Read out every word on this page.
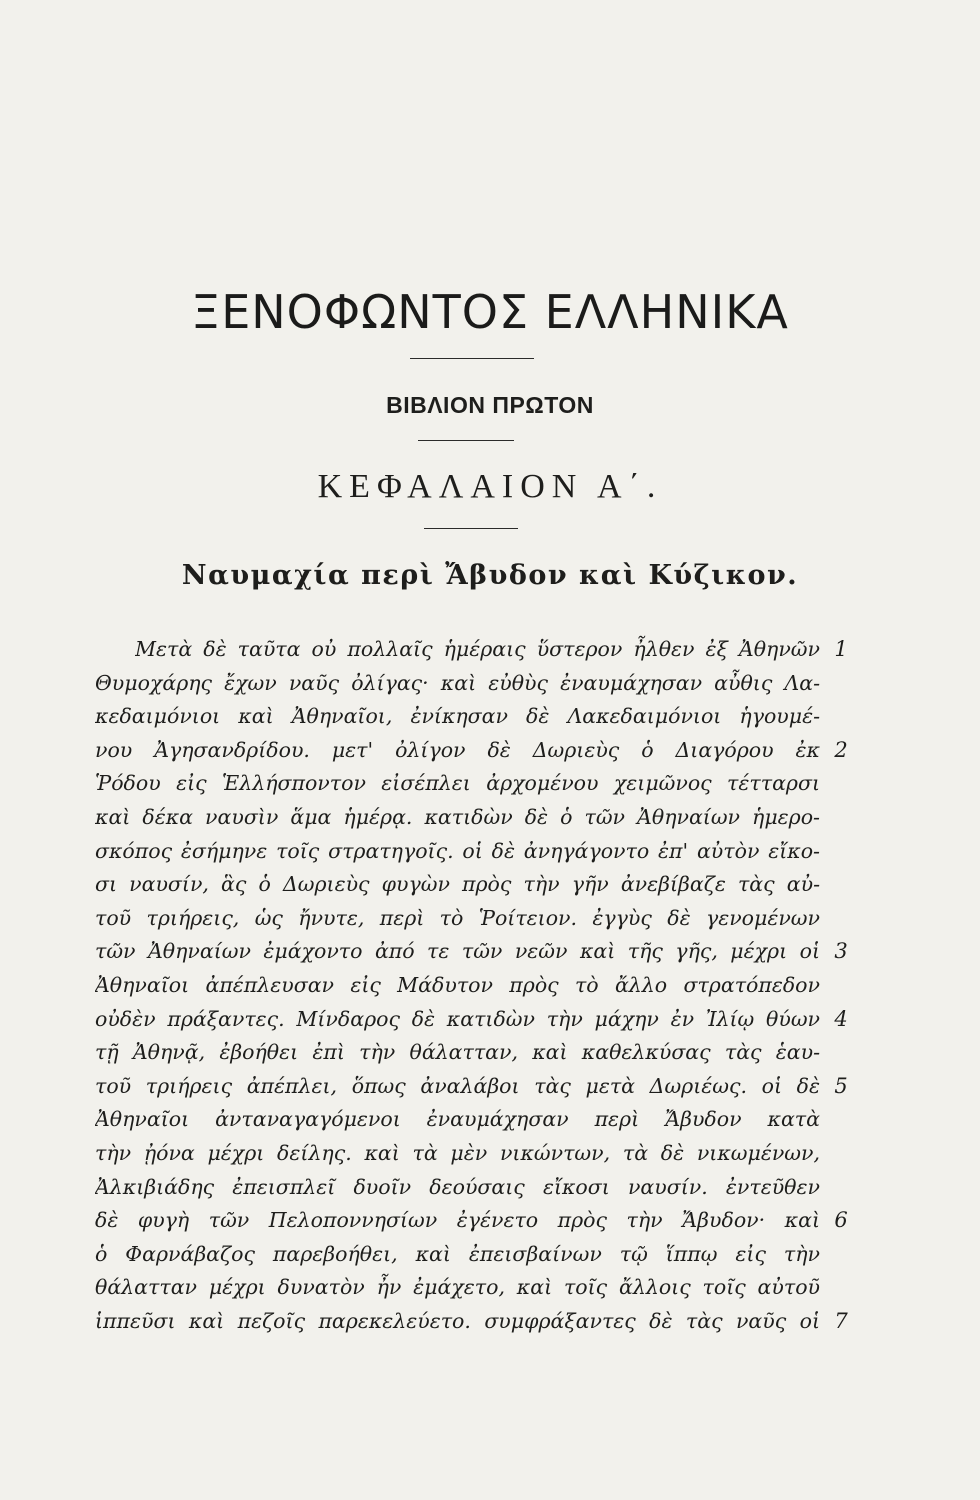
ΞΕΝΟΦΩΝΤΟΣ ΕΛΛΗΝΙΚΑ
ΒΙΒΛΙΟΝ ΠΡΩΤΟΝ
ΚΕΦΑΛΑΙΟΝ Α΄.
Ναυμαχία περὶ Ἄβυδον καὶ Κύζικον.
Μετὰ δὲ ταῦτα οὐ πολλαῖς ἡμέραις ὕστερον ἦλθεν ἐξ Ἀθηνῶν 1
Θυμοχάρης ἔχων ναῦς ὀλίγας· καὶ εὐθὺς ἐναυμάχησαν αὖθις Λα-
κεδαιμόνιοι καὶ Ἀθηναῖοι, ἐνίκησαν δὲ Λακεδαιμόνιοι ἡγουμέ-
νου Ἀγησανδρίδου. μετ' ὀλίγον δὲ Δωριεὺς ὁ Διαγόρου ἐκ 2
Ῥόδου εἰς Ἑλλήσποντον εἰσέπλει ἀρχομένου χειμῶνος τέτταρσι
καὶ δέκα ναυσὶν ἅμα ἡμέρᾳ. κατιδὼν δὲ ὁ τῶν Ἀθηναίων ἡμερο-
σκόπος ἐσήμηνε τοῖς στρατηγοῖς. οἱ δὲ ἀνηγάγοντο ἐπ' αὐτὸν εἴκο-
σι ναυσίν, ἃς ὁ Δωριεὺς φυγὼν πρὸς τὴν γῆν ἀνεβίβαζε τὰς αὐ-
τοῦ τριήρεις, ὡς ἤνυτε, περὶ τὸ Ῥοίτειον. ἐγγὺς δὲ γενομένων
τῶν Ἀθηναίων ἐμάχοντο ἀπό τε τῶν νεῶν καὶ τῆς γῆς, μέχρι οἱ 3
Ἀθηναῖοι ἀπέπλευσαν εἰς Μάδυτον πρὸς τὸ ἄλλο στρατόπεδον
οὐδὲν πράξαντες. Μίνδαρος δὲ κατιδὼν τὴν μάχην ἐν Ἰλίῳ θύων 4
τῇ Ἀθηνᾷ, ἐβοήθει ἐπὶ τὴν θάλατταν, καὶ καθελκύσας τὰς ἑαυ-
τοῦ τριήρεις ἀπέπλει, ὅπως ἀναλάβοι τὰς μετὰ Δωριέως. οἱ δὲ 5
Ἀθηναῖοι ἀνταναγαγόμενοι ἐναυμάχησαν περὶ Ἄβυδον κατὰ
τὴν ᾐόνα μέχρι δείλης. καὶ τὰ μὲν νικώντων, τὰ δὲ νικωμένων,
Ἀλκιβιάδης ἐπεισπλεῖ δυοῖν δεούσαις εἴκοσι ναυσίν. ἐντεῦθεν
δὲ φυγὴ τῶν Πελοποννησίων ἐγένετο πρὸς τὴν Ἄβυδον· καὶ 6
ὁ Φαρνάβαζος παρεβοήθει, καὶ ἐπεισβαίνων τῷ ἵππῳ εἰς τὴν
θάλατταν μέχρι δυνατὸν ἦν ἐμάχετο, καὶ τοῖς ἄλλοις τοῖς αὐτοῦ
ἱππεῦσι καὶ πεζοῖς παρεκελεύετο. συμφράξαντες δὲ τὰς ναῦς οἱ 7
